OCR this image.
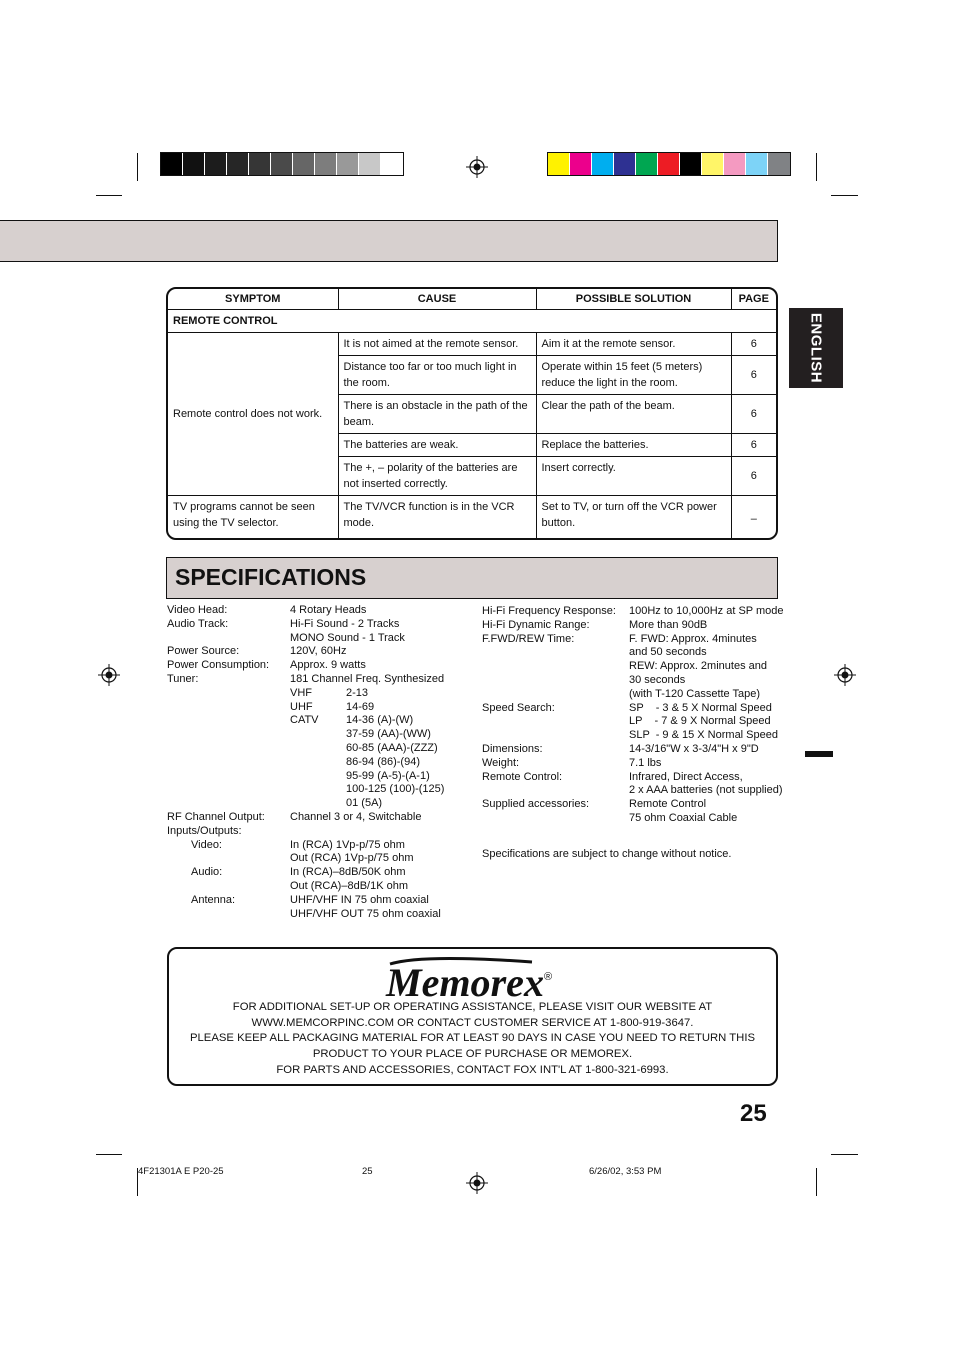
SYMPTOM	CAUSE	POSSIBLE SOLUTION	PAGE
REMOTE CONTROL			
Remote control does not work.	It is not aimed at the remote sensor.	Aim it at the remote sensor.	6
	Distance too far or too much light in the room.	Operate within 15 feet (5 meters) reduce the light in the room.	6
	There is an obstacle in the path of the beam.	Clear the path of the beam.	6
	The batteries are weak.	Replace the batteries.	6
	The +, – polarity of the batteries are not inserted correctly.	Insert correctly.	6
TV programs cannot be seen using the TV selector.	The TV/VCR function is in the VCR mode.	Set to TV, or turn off the VCR power button.	–
ENGLISH
SPECIFICATIONS
Video Head:	4 Rotary Heads
Audio Track:	Hi-Fi Sound - 2 Tracks
MONO Sound - 1 Track
Power Source:	120V, 60Hz
Power Consumption: Approx. 9 watts
Tuner:	181 Channel Freq. Synthesized
VHF	2-13
UHF	14-69
CATV 14-36 (A)-(W)
37-59 (AA)-(WW)
60-85 (AAA)-(ZZZ)
86-94 (86)-(94)
95-99 (A-5)-(A-1)
100-125 (100)-(125)
01 (5A)
RF Channel Output: Channel 3 or 4, Switchable
Inputs/Outputs:
Video:	In (RCA) 1Vp-p/75 ohm
Out (RCA) 1Vp-p/75 ohm
Audio:	In (RCA)–8dB/50K ohm
Out (RCA)–8dB/1K ohm
Antenna:	UHF/VHF IN 75 ohm coaxial
UHF/VHF OUT 75 ohm coaxial
Hi-Fi Frequency Response: 100Hz to 10,000Hz at SP mode
Hi-Fi Dynamic Range:	More than 90dB
F.FWD/REW Time:	F. FWD: Approx. 4minutes
and 50 seconds
REW: Approx. 2minutes and
30 seconds
(with T-120 Cassette Tape)
Speed Search:	SP    - 3 & 5 X Normal Speed
LP    - 7 & 9 X Normal Speed
SLP  - 9 & 15 X Normal Speed
Dimensions:	14-3/16"W x 3-3/4"H x 9"D
Weight:	7.1 lbs
Remote Control:	Infrared, Direct Access,
2 x AAA batteries (not supplied)
Supplied accessories:	Remote Control
75 ohm Coaxial Cable
Specifications are subject to change without notice.
Memorex ®
FOR ADDITIONAL SET-UP OR OPERATING ASSISTANCE, PLEASE VISIT OUR WEBSITE AT
WWW.MEMCORPINC.COM OR CONTACT CUSTOMER SERVICE AT 1-800-919-3647.
PLEASE KEEP ALL PACKAGING MATERIAL FOR AT LEAST 90 DAYS IN CASE YOU NEED TO RETURN THIS
PRODUCT TO YOUR PLACE OF PURCHASE OR MEMOREX.
FOR PARTS AND ACCESSORIES, CONTACT FOX INT'L AT 1-800-321-6993.
25
4F21301A E P20-25	25	6/26/02, 3:53 PM
